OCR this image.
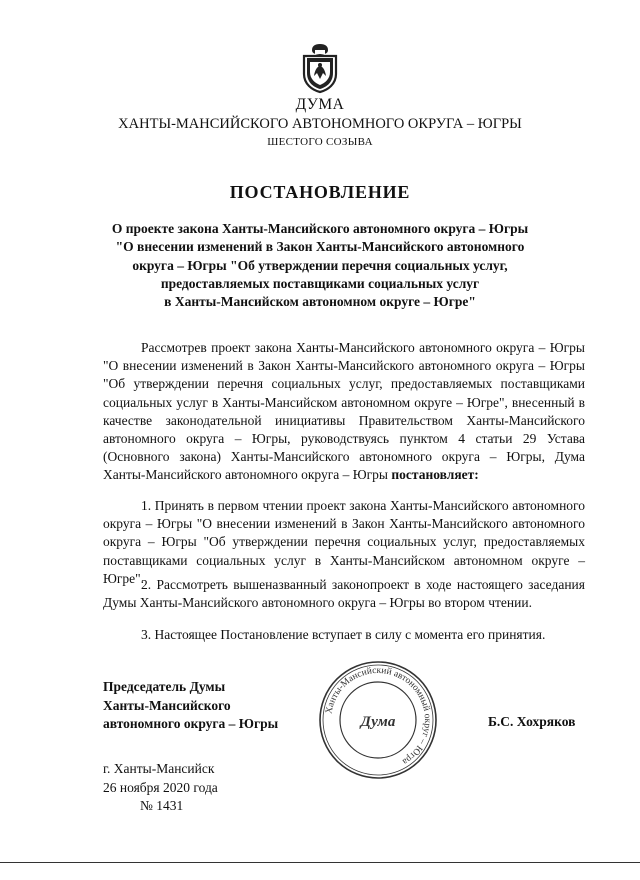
ДУМА
ХАНТЫ-МАНСИЙСКОГО АВТОНОМНОГО ОКРУГА – ЮГРЫ
ШЕСТОГО СОЗЫВА
ПОСТАНОВЛЕНИЕ
О проекте закона Ханты-Мансийского автономного округа – Югры
"О внесении изменений в Закон Ханты-Мансийского автономного
округа – Югры "Об утверждении перечня социальных услуг,
предоставляемых поставщиками социальных услуг
в Ханты-Мансийском автономном округе – Югре"
Рассмотрев проект закона Ханты-Мансийского автономного округа – Югры "О внесении изменений в Закон Ханты-Мансийского автономного округа – Югры "Об утверждении перечня социальных услуг, предоставляемых поставщиками социальных услуг в Ханты-Мансийском автономном округе – Югре", внесенный в качестве законодательной инициативы Правительством Ханты-Мансийского автономного округа – Югры, руководствуясь пунктом 4 статьи 29 Устава (Основного закона) Ханты-Мансийского автономного округа – Югры, Дума Ханты-Мансийского автономного округа – Югры постановляет:
1. Принять в первом чтении проект закона Ханты-Мансийского автономного округа – Югры "О внесении изменений в Закон Ханты-Мансийского автономного округа – Югры "Об утверждении перечня социальных услуг, предоставляемых поставщиками социальных услуг в Ханты-Мансийском автономном округе – Югре".
2. Рассмотреть вышеназванный законопроект в ходе настоящего заседания Думы Ханты-Мансийского автономного округа – Югры во втором чтении.
3. Настоящее Постановление вступает в силу с момента его принятия.
Председатель Думы
Ханты-Мансийского
автономного округа – Югры
Ханты-Мансийский автономный округ – Югра
Дума	Б.С. Хохряков
г. Ханты-Мансийск
26 ноября 2020 года
№ 1431
